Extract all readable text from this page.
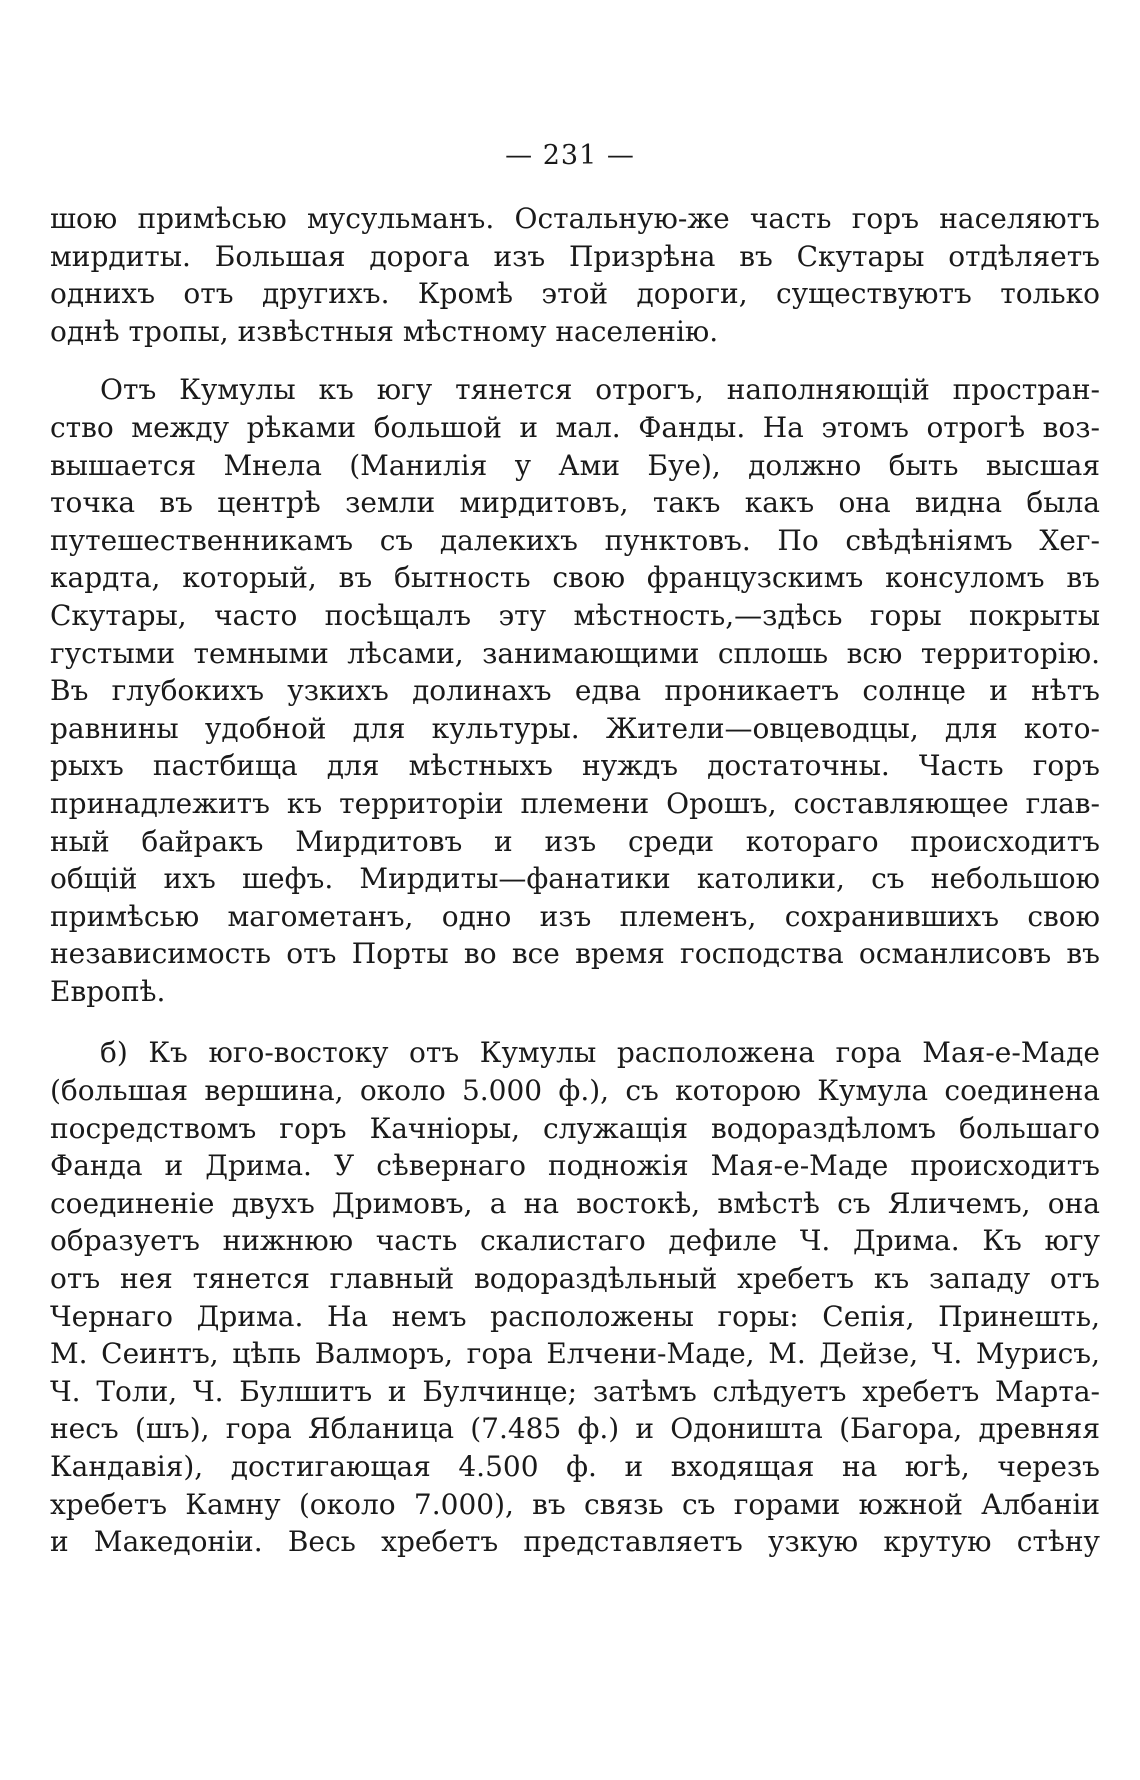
— 231 —

шою примѣсью мусульманъ. Остальную-же часть горъ населяютъ
мирдиты. Большая дорога изъ Призрѣна въ Скутары отдѣляетъ
однихъ отъ другихъ. Кромѣ этой дороги, существуютъ только
однѣ тропы, извѣстныя мѣстному населенію.

Отъ Кумулы къ югу тянется отрогъ, наполняющій простран-
ство между рѣками большой и мал. Фанды. На этомъ отрогѣ воз-
вышается Мнела (Манилія у Ами Буе), должно быть высшая
точка въ центрѣ земли мирдитовъ, такъ какъ она видна была
путешественникамъ съ далекихъ пунктовъ. По свѣдѣніямъ Хег-
кардта, который, въ бытность свою французскимъ консуломъ въ
Скутары, часто посѣщалъ эту мѣстность,—здѣсь горы покрыты
густыми темными лѣсами, занимающими сплошь всю территорію.
Въ глубокихъ узкихъ долинахъ едва проникаетъ солнце и нѣтъ
равнины удобной для культуры. Жители—овцеводцы, для кото-
рыхъ пастбища для мѣстныхъ нуждъ достаточны. Часть горъ
принадлежитъ къ территоріи племени Орошъ, составляющее глав-
ный байракъ Мирдитовъ и изъ среди котораго происходитъ
общій ихъ шефъ. Мирдиты—фанатики католики, съ небольшою
примѣсью магометанъ, одно изъ племенъ, сохранившихъ свою
независимость отъ Порты во все время господства османлисовъ въ
Европѣ.

б) Къ юго-востоку отъ Кумулы расположена гора Мая-е-Маде
(большая вершина, около 5.000 ф.), съ которою Кумула соединена
посредствомъ горъ Качніоры, служащія водораздѣломъ большаго
Фанда и Дрима. У сѣвернаго подножія Мая-е-Маде происходитъ
соединеніе двухъ Дримовъ, а на востокѣ, вмѣстѣ съ Яличемъ, она
образуетъ нижнюю часть скалистаго дефиле Ч. Дрима. Къ югу
отъ нея тянется главный водораздѣльный хребетъ къ западу отъ
Чернаго Дрима. На немъ расположены горы: Сепія, Принешть,
М. Сеинтъ, цѣпь Валморъ, гора Елчени-Маде, М. Дейзе, Ч. Мурисъ,
Ч. Толи, Ч. Булшитъ и Булчинце; затѣмъ слѣдуетъ хребетъ Марта-
несъ (шъ), гора Ябланица (7.485 ф.) и Одоништа (Багора, древняя
Кандавія), достигающая 4.500 ф. и входящая на югѣ, черезъ
хребетъ Камну (около 7.000), въ связь съ горами южной Албаніи
и Македоніи. Весь хребетъ представляетъ узкую крутую стѣну
